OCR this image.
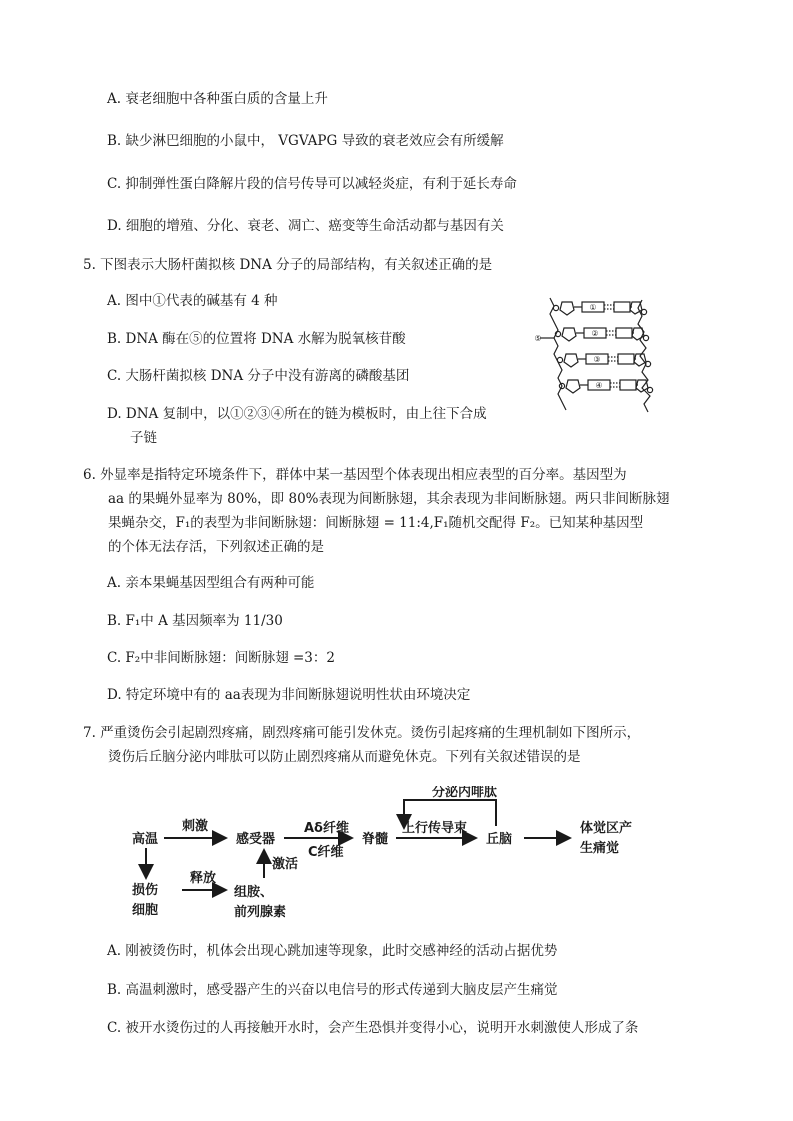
A. 衰老细胞中各种蛋白质的含量上升
B. 缺少淋巴细胞的小鼠中， VGVAPG 导致的衰老效应会有所缓解
C. 抑制弹性蛋白降解片段的信号传导可以减轻炎症，有利于延长寿命
D. 细胞的增殖、分化、衰老、凋亡、癌变等生命活动都与基因有关
5. 下图表示大肠杆菌拟核 DNA 分子的局部结构，有关叙述正确的是
A. 图中①代表的碱基有 4 种
B. DNA 酶在⑤的位置将 DNA 水解为脱氧核苷酸
C. 大肠杆菌拟核 DNA 分子中没有游离的磷酸基团
D. DNA 复制中，以①②③④所在的链为模板时，由上往下合成
子链
①
②
③
④
⑤
6. 外显率是指特定环境条件下，群体中某一基因型个体表现出相应表型的百分率。基因型为
aa 的果蝇外显率为 80%，即 80%表现为间断脉翅，其余表现为非间断脉翅。两只非间断脉翅
果蝇杂交，F₁的表型为非间断脉翅：间断脉翅 = 11:4,F₁随机交配得 F₂。已知某种基因型
的个体无法存活，下列叙述正确的是
A. 亲本果蝇基因型组合有两种可能
B. F₁中 A 基因频率为 11/30
C. F₂中非间断脉翅：间断脉翅 =3：2
D. 特定环境中有的 aa表现为非间断脉翅说明性状由环境决定
7. 严重烫伤会引起剧烈疼痛，剧烈疼痛可能引发休克。烫伤引起疼痛的生理机制如下图所示，
烫伤后丘脑分泌内啡肽可以防止剧烈疼痛从而避免休克。下列有关叙述错误的是
高温
刺激
感受器
Aδ纤维
C纤维
脊髓
上行传导束
丘脑
分泌内啡肽
体觉区产
生痛觉
损伤
细胞
释放
组胺、
前列腺素
激活
A. 刚被烫伤时，机体会出现心跳加速等现象，此时交感神经的活动占据优势
B. 高温刺激时，感受器产生的兴奋以电信号的形式传递到大脑皮层产生痛觉
C. 被开水烫伤过的人再接触开水时，会产生恐惧并变得小心，说明开水刺激使人形成了条
